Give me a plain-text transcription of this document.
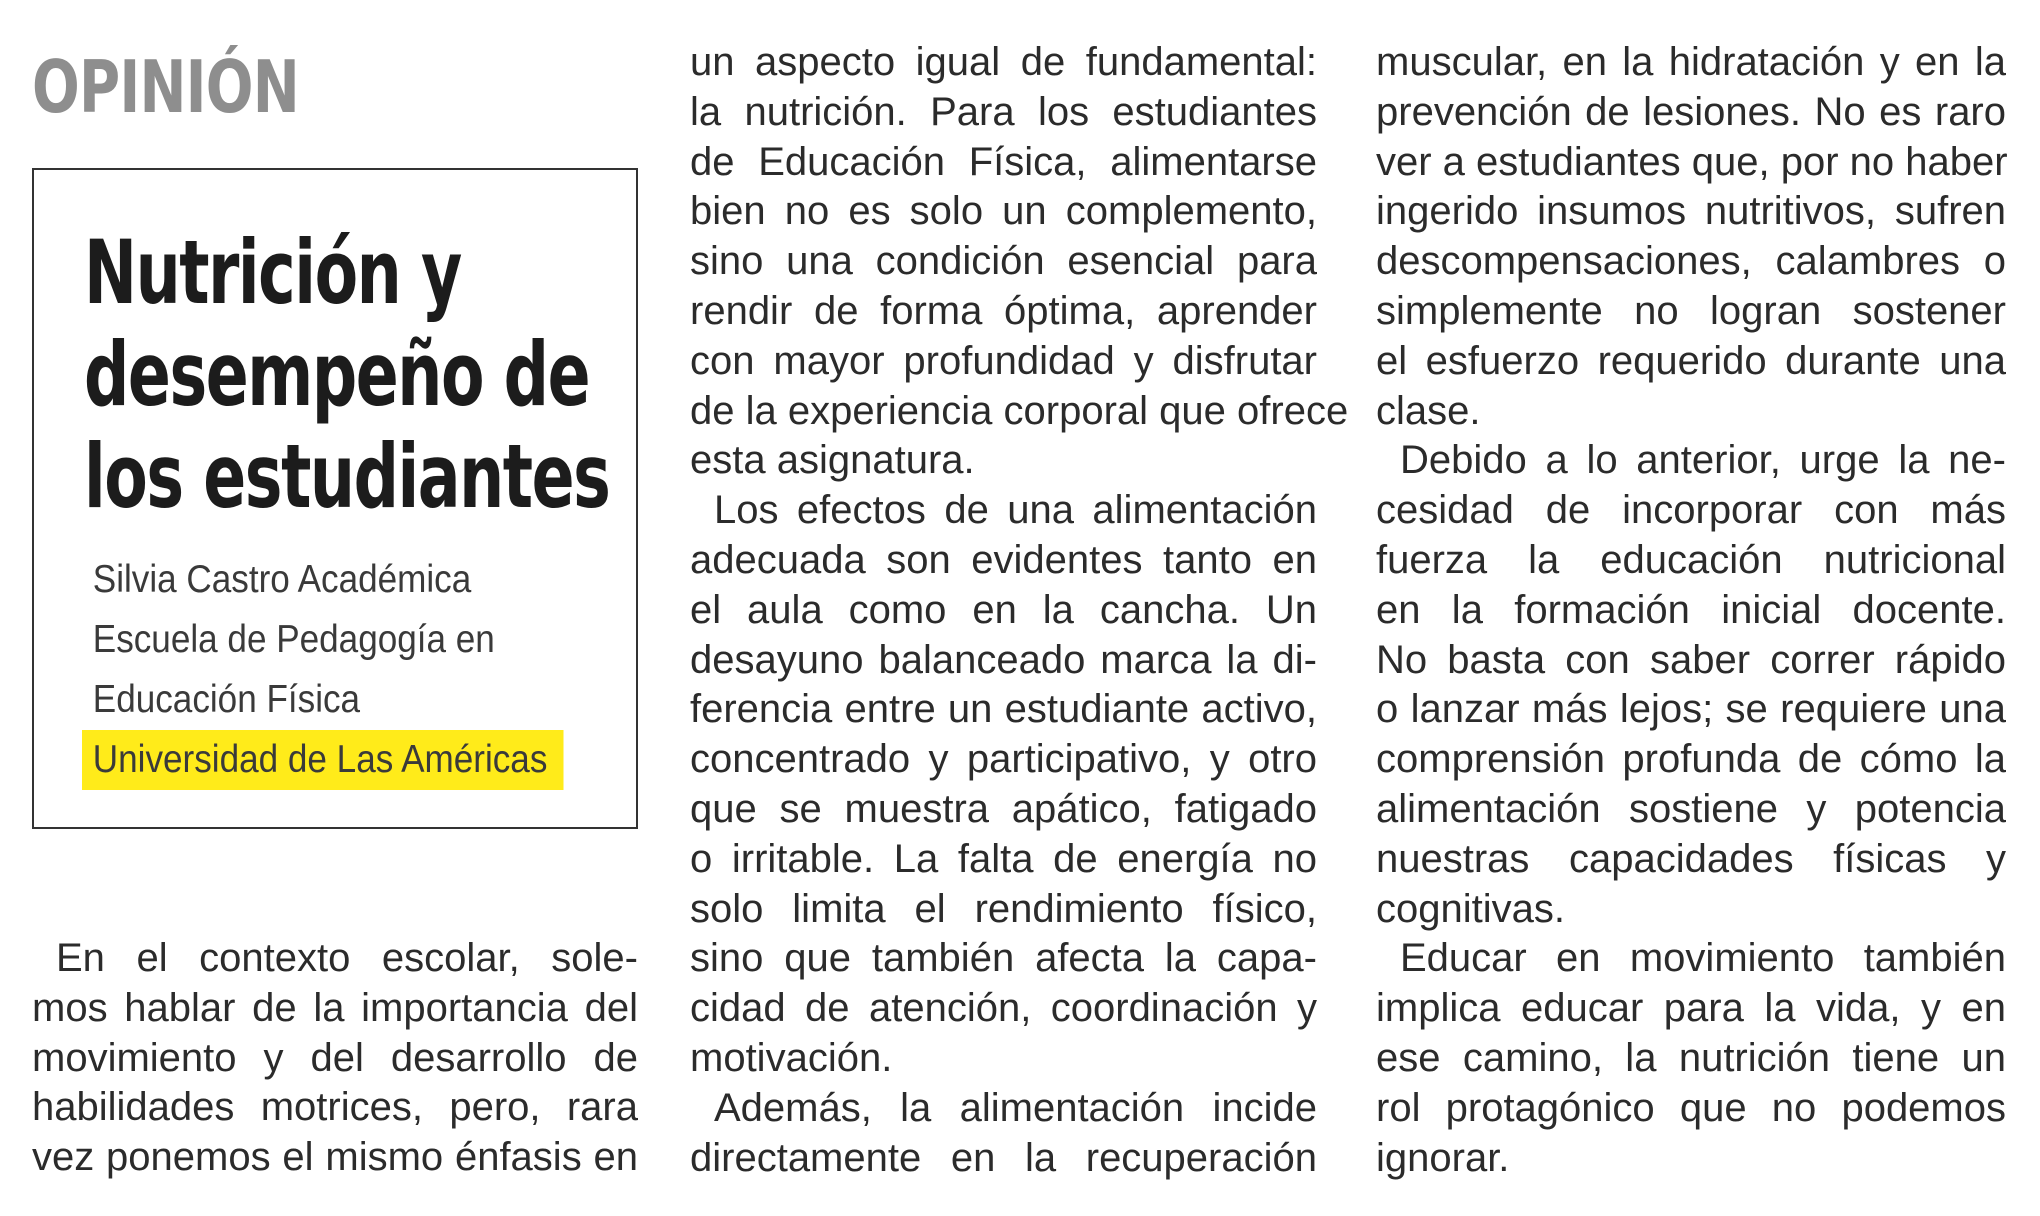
OPINIÓN
Nutrición y
desempeño de
los estudiantes
Silvia Castro Académica
Escuela de Pedagogía en
Educación Física
Universidad de Las Américas
En el contexto escolar, sole-
mos hablar de la importancia del
movimiento y del desarrollo de
habilidades motrices, pero, rara
vez ponemos el mismo énfasis en
un aspecto igual de fundamental:
la nutrición. Para los estudiantes
de Educación Física, alimentarse
bien no es solo un complemento,
sino una condición esencial para
rendir de forma óptima, aprender
con mayor profundidad y disfrutar
de la experiencia corporal que ofrece
esta asignatura.
Los efectos de una alimentación
adecuada son evidentes tanto en
el aula como en la cancha. Un
desayuno balanceado marca la di-
ferencia entre un estudiante activo,
concentrado y participativo, y otro
que se muestra apático, fatigado
o irritable. La falta de energía no
solo limita el rendimiento físico,
sino que también afecta la capa-
cidad de atención, coordinación y
motivación.
Además, la alimentación incide
directamente en la recuperación
muscular, en la hidratación y en la
prevención de lesiones. No es raro
ver a estudiantes que, por no haber
ingerido insumos nutritivos, sufren
descompensaciones, calambres o
simplemente no logran sostener
el esfuerzo requerido durante una
clase.
Debido a lo anterior, urge la ne-
cesidad de incorporar con más
fuerza la educación nutricional
en la formación inicial docente.
No basta con saber correr rápido
o lanzar más lejos; se requiere una
comprensión profunda de cómo la
alimentación sostiene y potencia
nuestras capacidades físicas y
cognitivas.
Educar en movimiento también
implica educar para la vida, y en
ese camino, la nutrición tiene un
rol protagónico que no podemos
ignorar.
